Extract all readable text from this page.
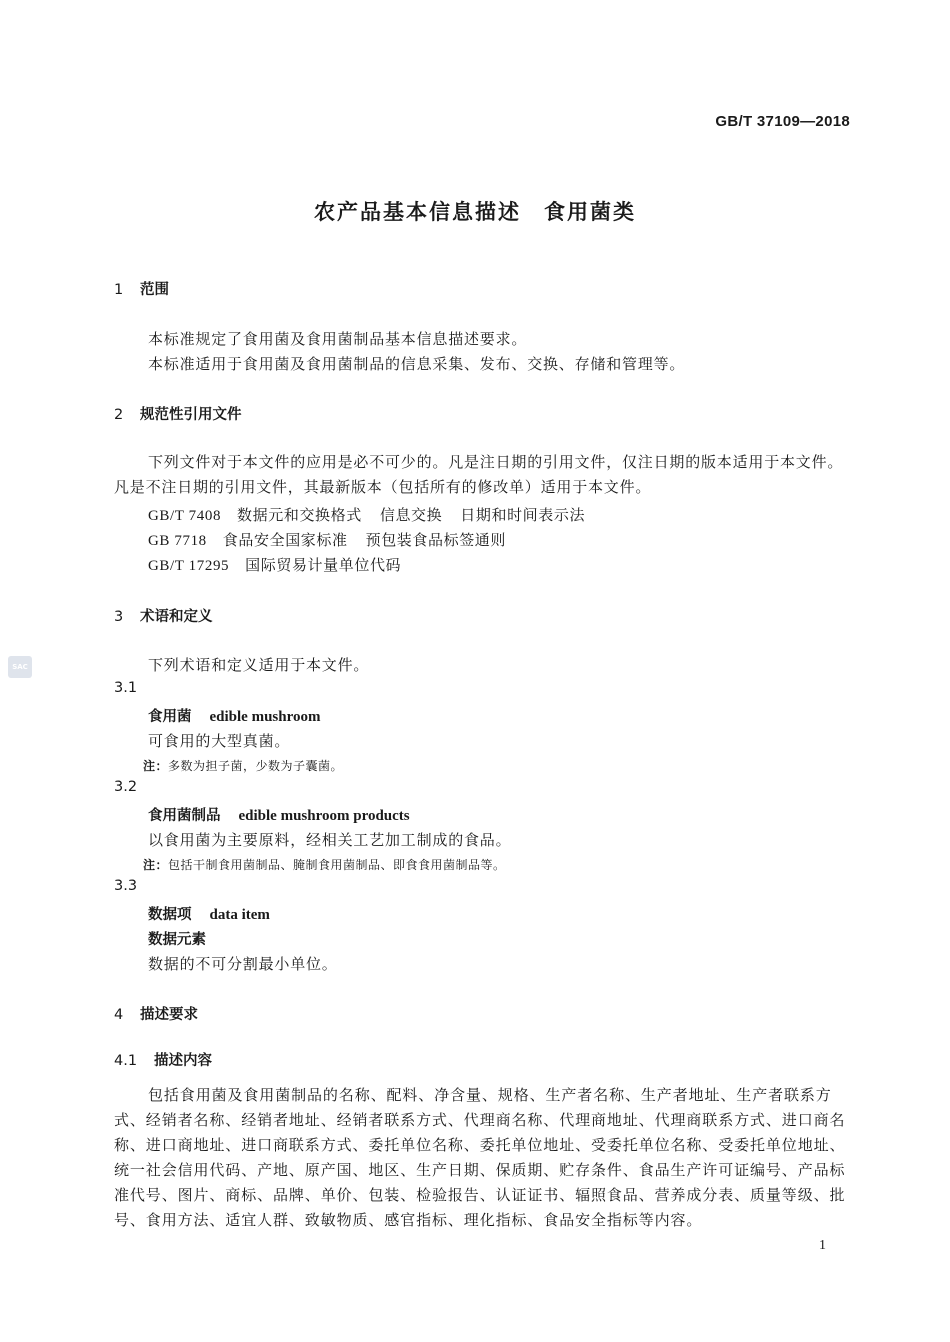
GB/T 37109—2018
农产品基本信息描述　食用菌类
SAC
1 范围
本标准规定了食用菌及食用菌制品基本信息描述要求。
本标准适用于食用菌及食用菌制品的信息采集、发布、交换、存储和管理等。
2 规范性引用文件
下列文件对于本文件的应用是必不可少的。凡是注日期的引用文件，仅注日期的版本适用于本文件。凡是不注日期的引用文件，其最新版本（包括所有的修改单）适用于本文件。
GB/T 7408 数据元和交换格式 信息交换 日期和时间表示法
GB 7718 食品安全国家标准 预包装食品标签通则
GB/T 17295 国际贸易计量单位代码
3 术语和定义
下列术语和定义适用于本文件。
3.1
食用菌 edible mushroom
可食用的大型真菌。
注：多数为担子菌，少数为子囊菌。
3.2
食用菌制品 edible mushroom products
以食用菌为主要原料，经相关工艺加工制成的食品。
注：包括干制食用菌制品、腌制食用菌制品、即食食用菌制品等。
3.3
数据项 data item
数据元素
数据的不可分割最小单位。
4 描述要求
4.1 描述内容
包括食用菌及食用菌制品的名称、配料、净含量、规格、生产者名称、生产者地址、生产者联系方式、经销者名称、经销者地址、经销者联系方式、代理商名称、代理商地址、代理商联系方式、进口商名称、进口商地址、进口商联系方式、委托单位名称、委托单位地址、受委托单位名称、受委托单位地址、统一社会信用代码、产地、原产国、地区、生产日期、保质期、贮存条件、食品生产许可证编号、产品标准代号、图片、商标、品牌、单价、包装、检验报告、认证证书、辐照食品、营养成分表、质量等级、批号、食用方法、适宜人群、致敏物质、感官指标、理化指标、食品安全指标等内容。
1
